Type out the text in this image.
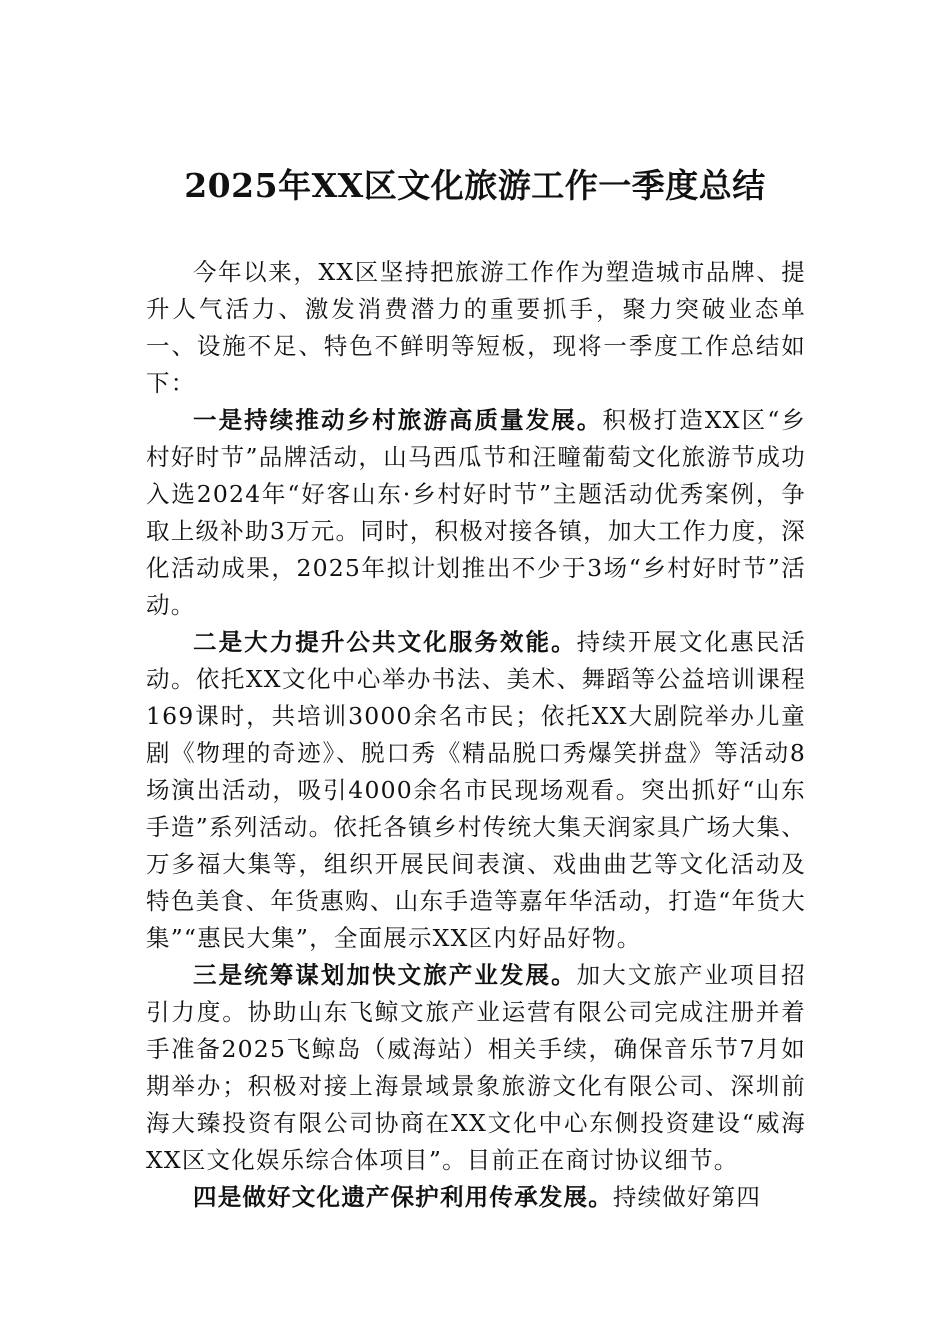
2025年XX区文化旅游工作一季度总结

今年以来，XX区坚持把旅游工作作为塑造城市品牌、提升人气活力、激发消费潜力的重要抓手，聚力突破业态单一、设施不足、特色不鲜明等短板，现将一季度工作总结如下：

一是持续推动乡村旅游高质量发展。积极打造XX区“乡村好时节”品牌活动，山马西瓜节和汪疃葡萄文化旅游节成功入选2024年“好客山东·乡村好时节”主题活动优秀案例，争取上级补助3万元。同时，积极对接各镇，加大工作力度，深化活动成果，2025年拟计划推出不少于3场“乡村好时节”活动。

二是大力提升公共文化服务效能。持续开展文化惠民活动。依托XX文化中心举办书法、美术、舞蹈等公益培训课程169课时，共培训3000余名市民；依托XX大剧院举办儿童剧《物理的奇迹》、脱口秀《精品脱口秀爆笑拼盘》等活动8场演出活动，吸引4000余名市民现场观看。突出抓好“山东手造”系列活动。依托各镇乡村传统大集天润家具广场大集、万多福大集等，组织开展民间表演、戏曲曲艺等文化活动及特色美食、年货惠购、山东手造等嘉年华活动，打造“年货大集”“惠民大集”，全面展示XX区内好品好物。

三是统筹谋划加快文旅产业发展。加大文旅产业项目招引力度。协助山东飞鲸文旅产业运营有限公司完成注册并着手准备2025飞鲸岛（威海站）相关手续，确保音乐节7月如期举办；积极对接上海景域景象旅游文化有限公司、深圳前海大臻投资有限公司协商在XX文化中心东侧投资建设“威海XX区文化娱乐综合体项目”。目前正在商讨协议细节。

四是做好文化遗产保护利用传承发展。持续做好第四
